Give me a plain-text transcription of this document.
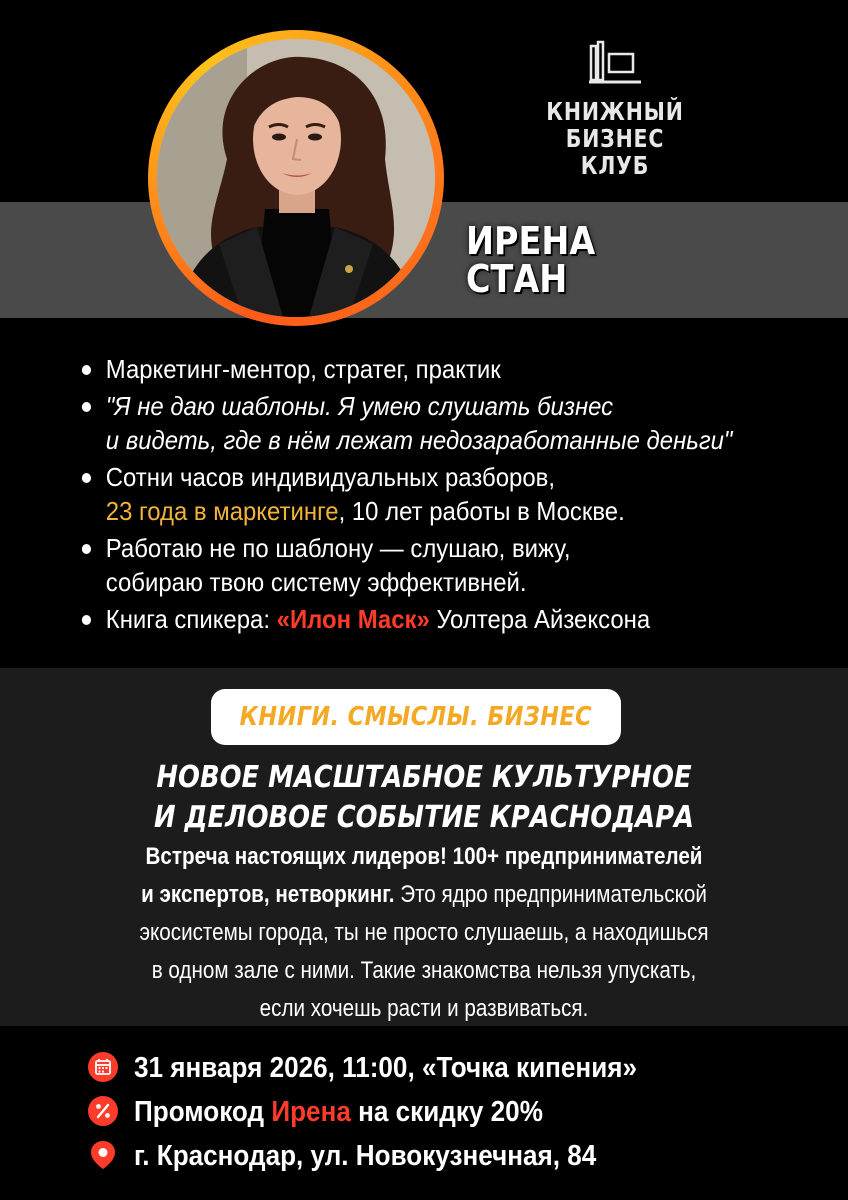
КНИЖНЫЙ
БИЗНЕС
КЛУБ
ИРЕНА
СТАН
Маркетинг-ментор, стратег, практик
"Я не даю шаблоны. Я умею слушать бизнес
и видеть, где в нём лежат недозаработанные деньги"
Сотни часов индивидуальных разборов,
23 года в маркетинге, 10 лет работы в Москве.
Работаю не по шаблону — слушаю, вижу,
собираю твою систему эффективней.
Книга спикера: «Илон Маск» Уолтера Айзексона
КНИГИ. СМЫСЛЫ. БИЗНЕС
НОВОЕ МАСШТАБНОЕ КУЛЬТУРНОЕ
И ДЕЛОВОЕ СОБЫТИЕ КРАСНОДАРА
Встреча настоящих лидеров! 100+ предпринимателей
и экспертов, нетворкинг. Это ядро предпринимательской
экосистемы города, ты не просто слушаешь, а находишься
в одном зале с ними. Такие знакомства нельзя упускать,
если хочешь расти и развиваться.
31 января 2026, 11:00, «Точка кипения»
Промокод Ирена на скидку 20%
г. Краснодар, ул. Новокузнечная, 84
